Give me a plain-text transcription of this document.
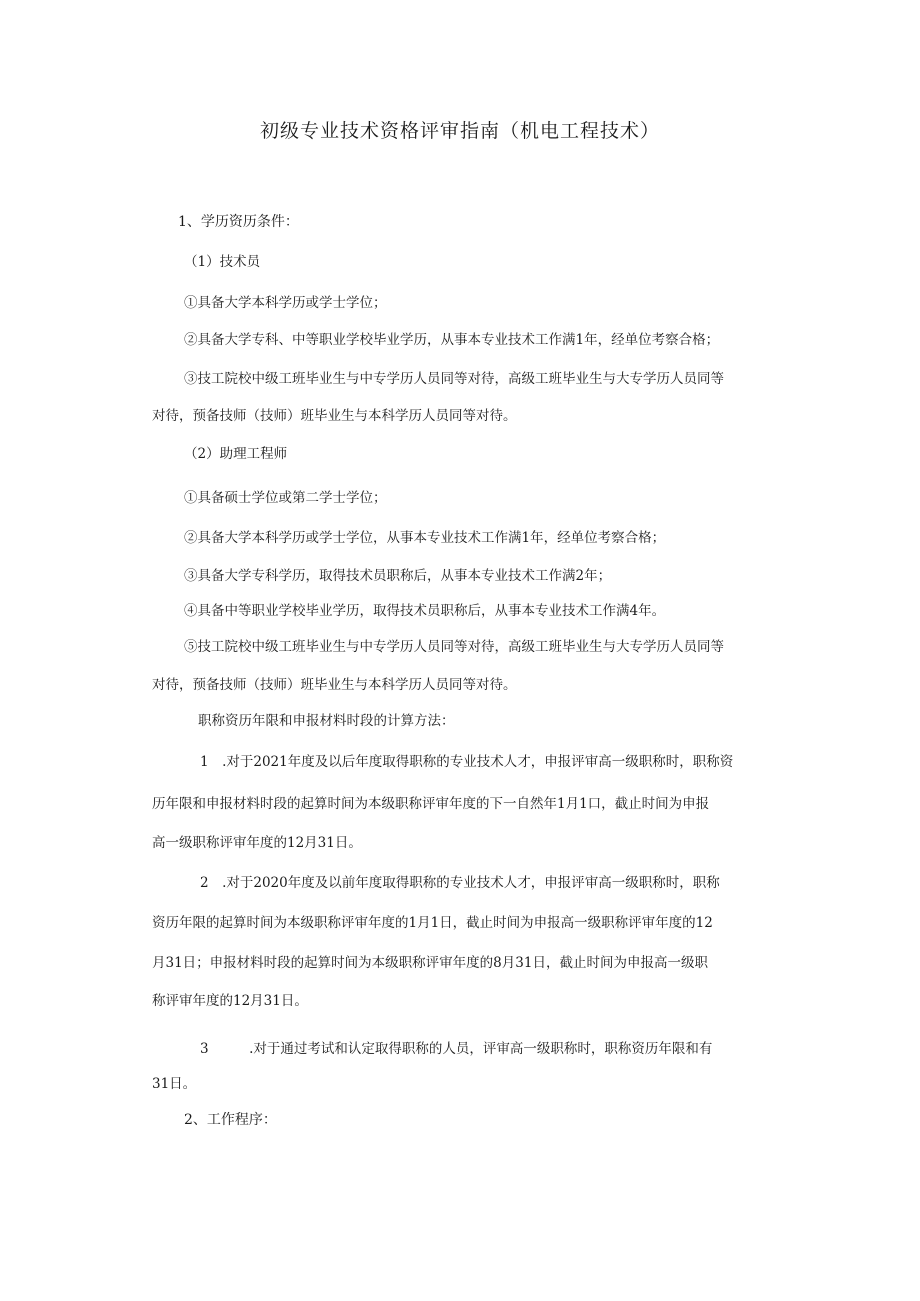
初级专业技术资格评审指南（机电工程技术）
1、学历资历条件：
（1）技术员
①具备大学本科学历或学士学位；
②具备大学专科、中等职业学校毕业学历，从事本专业技术工作满1年，经单位考察合格；
③技工院校中级工班毕业生与中专学历人员同等对待，高级工班毕业生与大专学历人员同等
对待，预备技师（技师）班毕业生与本科学历人员同等对待。
（2）助理工程师
①具备硕士学位或第二学士学位；
②具备大学本科学历或学士学位，从事本专业技术工作满1年，经单位考察合格；
③具备大学专科学历，取得技术员职称后，从事本专业技术工作满2年；
④具备中等职业学校毕业学历，取得技术员职称后，从事本专业技术工作满4年。
⑤技工院校中级工班毕业生与中专学历人员同等对待，高级工班毕业生与大专学历人员同等
对待，预备技师（技师）班毕业生与本科学历人员同等对待。
职称资历年限和申报材料时段的计算方法：
1　.对于2021年度及以后年度取得职称的专业技术人才，申报评审高一级职称时，职称资
历年限和申报材料时段的起算时间为本级职称评审年度的下一自然年1月1口，截止时间为申报
高一级职称评审年度的12月31日。
2　.对于2020年度及以前年度取得职称的专业技术人才，申报评审高一级职称时，职称
资历年限的起算时间为本级职称评审年度的1月1日，截止时间为申报高一级职称评审年度的12
月31日；申报材料时段的起算时间为本级职称评审年度的8月31日，截止时间为申报高一级职
称评审年度的12月31日。
3　　　.对于通过考试和认定取得职称的人员，评审高一级职称时，职称资历年限和有
31日。
2、工作程序：
